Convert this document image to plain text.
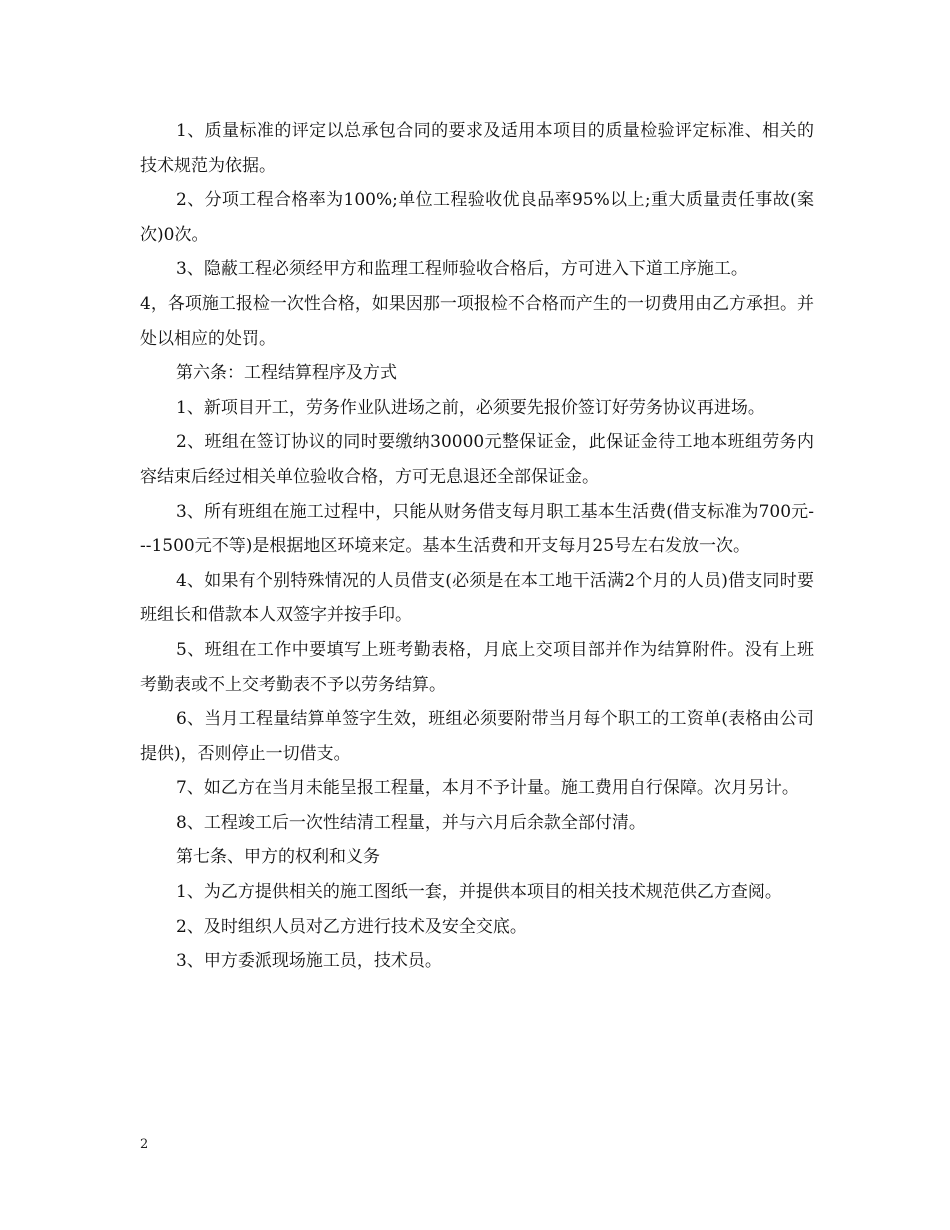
1、质量标准的评定以总承包合同的要求及适用本项目的质量检验评定标准、相关的技术规范为依据。

2、分项工程合格率为100%;单位工程验收优良品率95%以上;重大质量责任事故(案次)0次。

3、隐蔽工程必须经甲方和监理工程师验收合格后，方可进入下道工序施工。

4，各项施工报检一次性合格，如果因那一项报检不合格而产生的一切费用由乙方承担。并处以相应的处罚。

第六条：工程结算程序及方式

1、新项目开工，劳务作业队进场之前，必须要先报价签订好劳务协议再进场。

2、班组在签订协议的同时要缴纳30000元整保证金，此保证金待工地本班组劳务内容结束后经过相关单位验收合格，方可无息退还全部保证金。

3、所有班组在施工过程中，只能从财务借支每月职工基本生活费(借支标准为700元---1500元不等)是根据地区环境来定。基本生活费和开支每月25号左右发放一次。

4、如果有个别特殊情况的人员借支(必须是在本工地干活满2个月的人员)借支同时要班组长和借款本人双签字并按手印。

5、班组在工作中要填写上班考勤表格，月底上交项目部并作为结算附件。没有上班考勤表或不上交考勤表不予以劳务结算。

6、当月工程量结算单签字生效，班组必须要附带当月每个职工的工资单(表格由公司提供)，否则停止一切借支。

7、如乙方在当月未能呈报工程量，本月不予计量。施工费用自行保障。次月另计。

8、工程竣工后一次性结清工程量，并与六月后余款全部付清。

第七条、甲方的权利和义务

1、为乙方提供相关的施工图纸一套，并提供本项目的相关技术规范供乙方查阅。

2、及时组织人员对乙方进行技术及安全交底。

3、甲方委派现场施工员，技术员。

2
